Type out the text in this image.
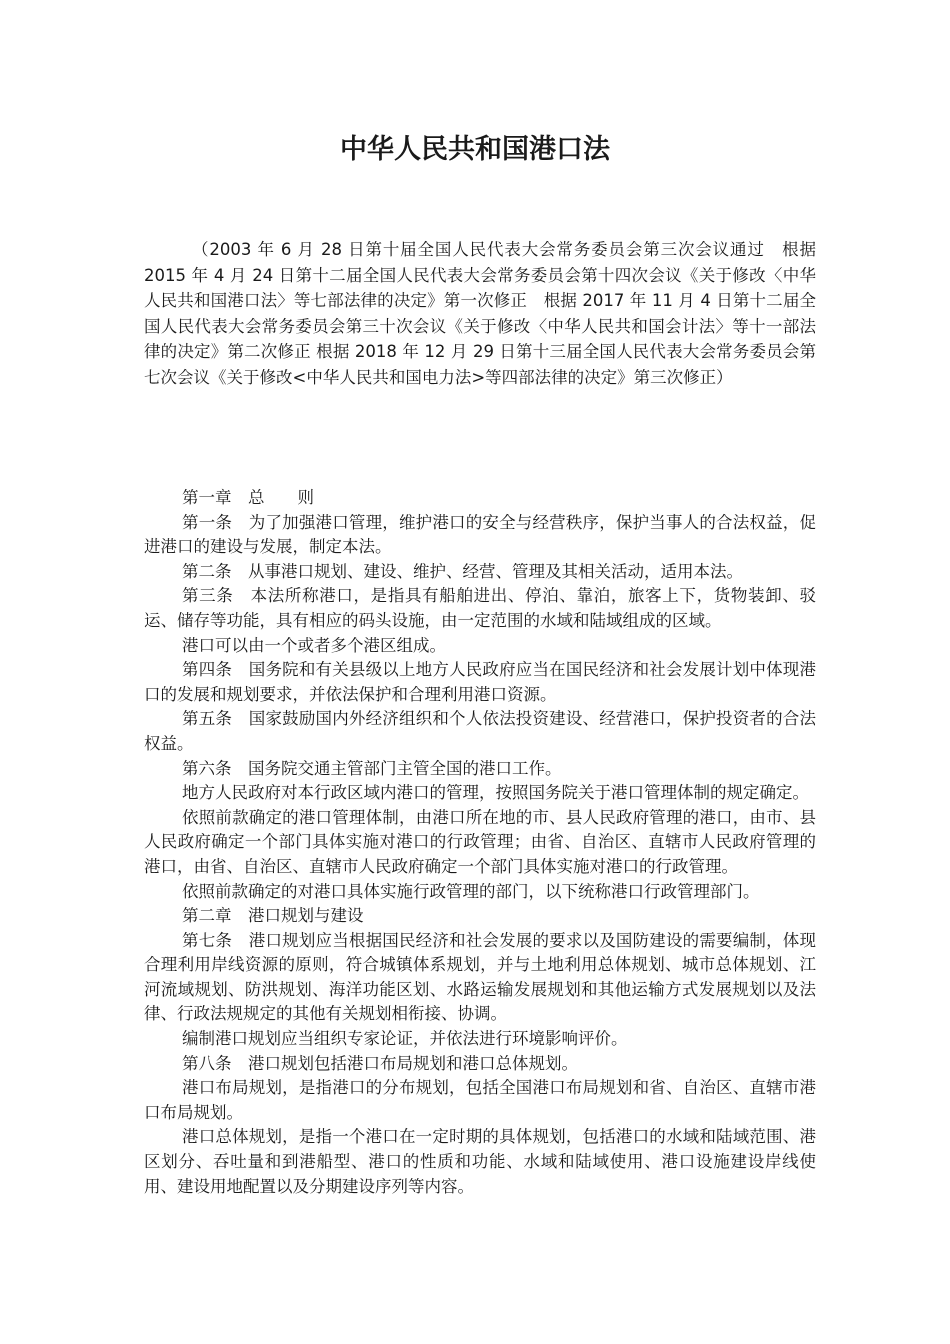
中华人民共和国港口法

（2003 年 6 月 28 日第十届全国人民代表大会常务委员会第三次会议通过　根据 2015 年 4 月 24 日第十二届全国人民代表大会常务委员会第十四次会议《关于修改〈中华人民共和国港口法〉等七部法律的决定》第一次修正　根据 2017 年 11 月 4 日第十二届全国人民代表大会常务委员会第三十次会议《关于修改〈中华人民共和国会计法〉等十一部法律的决定》第二次修正 根据 2018 年 12 月 29 日第十三届全国人民代表大会常务委员会第七次会议《关于修改<中华人民共和国电力法>等四部法律的决定》第三次修正）

第一章　总　　则

第一条　为了加强港口管理，维护港口的安全与经营秩序，保护当事人的合法权益，促进港口的建设与发展，制定本法。

第二条　从事港口规划、建设、维护、经营、管理及其相关活动，适用本法。

第三条　本法所称港口，是指具有船舶进出、停泊、靠泊，旅客上下，货物装卸、驳运、储存等功能，具有相应的码头设施，由一定范围的水域和陆域组成的区域。

港口可以由一个或者多个港区组成。

第四条　国务院和有关县级以上地方人民政府应当在国民经济和社会发展计划中体现港口的发展和规划要求，并依法保护和合理利用港口资源。

第五条　国家鼓励国内外经济组织和个人依法投资建设、经营港口，保护投资者的合法权益。

第六条　国务院交通主管部门主管全国的港口工作。

地方人民政府对本行政区域内港口的管理，按照国务院关于港口管理体制的规定确定。

依照前款确定的港口管理体制，由港口所在地的市、县人民政府管理的港口，由市、县人民政府确定一个部门具体实施对港口的行政管理；由省、自治区、直辖市人民政府管理的港口，由省、自治区、直辖市人民政府确定一个部门具体实施对港口的行政管理。

依照前款确定的对港口具体实施行政管理的部门，以下统称港口行政管理部门。

第二章　港口规划与建设

第七条　港口规划应当根据国民经济和社会发展的要求以及国防建设的需要编制，体现合理利用岸线资源的原则，符合城镇体系规划，并与土地利用总体规划、城市总体规划、江河流域规划、防洪规划、海洋功能区划、水路运输发展规划和其他运输方式发展规划以及法律、行政法规规定的其他有关规划相衔接、协调。

编制港口规划应当组织专家论证，并依法进行环境影响评价。

第八条　港口规划包括港口布局规划和港口总体规划。

港口布局规划，是指港口的分布规划，包括全国港口布局规划和省、自治区、直辖市港口布局规划。

港口总体规划，是指一个港口在一定时期的具体规划，包括港口的水域和陆域范围、港区划分、吞吐量和到港船型、港口的性质和功能、水域和陆域使用、港口设施建设岸线使用、建设用地配置以及分期建设序列等内容。
